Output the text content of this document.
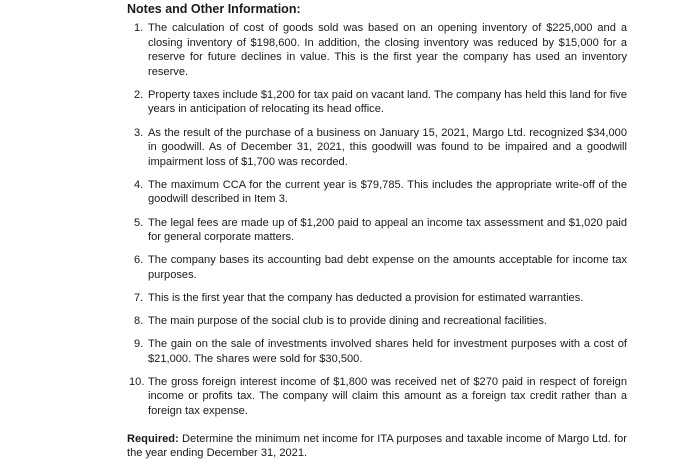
Notes and Other Information:
1. The calculation of cost of goods sold was based on an opening inventory of $225,000 and a closing inventory of $198,600. In addition, the closing inventory was reduced by $15,000 for a reserve for future declines in value. This is the first year the company has used an inventory reserve.
2. Property taxes include $1,200 for tax paid on vacant land. The company has held this land for five years in anticipation of relocating its head office.
3. As the result of the purchase of a business on January 15, 2021, Margo Ltd. recognized $34,000 in goodwill. As of December 31, 2021, this goodwill was found to be impaired and a goodwill impairment loss of $1,700 was recorded.
4. The maximum CCA for the current year is $79,785. This includes the appropriate write-off of the goodwill described in Item 3.
5. The legal fees are made up of $1,200 paid to appeal an income tax assessment and $1,020 paid for general corporate matters.
6. The company bases its accounting bad debt expense on the amounts acceptable for income tax purposes.
7. This is the first year that the company has deducted a provision for estimated warranties.
8. The main purpose of the social club is to provide dining and recreational facilities.
9. The gain on the sale of investments involved shares held for investment purposes with a cost of $21,000. The shares were sold for $30,500.
10. The gross foreign interest income of $1,800 was received net of $270 paid in respect of foreign income or profits tax. The company will claim this amount as a foreign tax credit rather than a foreign tax expense.
Required: Determine the minimum net income for ITA purposes and taxable income of Margo Ltd. for the year ending December 31, 2021.
